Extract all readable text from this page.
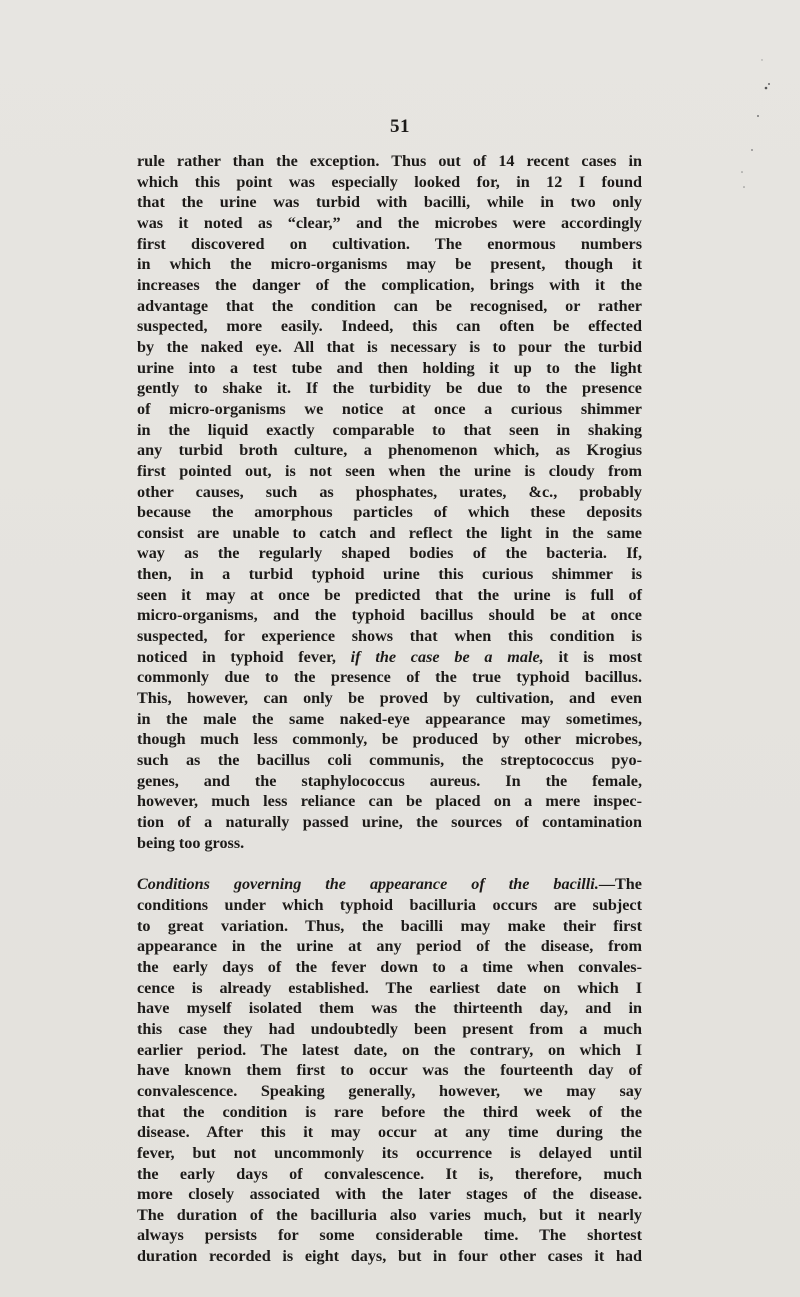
51
rule rather than the exception. Thus out of 14 recent cases in
which this point was especially looked for, in 12 I found
that the urine was turbid with bacilli, while in two only
was it noted as “clear,” and the microbes were accordingly
first discovered on cultivation. The enormous numbers
in which the micro-organisms may be present, though it
increases the danger of the complication, brings with it the
advantage that the condition can be recognised, or rather
suspected, more easily. Indeed, this can often be effected
by the naked eye. All that is necessary is to pour the turbid
urine into a test tube and then holding it up to the light
gently to shake it. If the turbidity be due to the presence
of micro-organisms we notice at once a curious shimmer
in the liquid exactly comparable to that seen in shaking
any turbid broth culture, a phenomenon which, as Krogius
first pointed out, is not seen when the urine is cloudy from
other causes, such as phosphates, urates, &c., probably
because the amorphous particles of which these deposits
consist are unable to catch and reflect the light in the same
way as the regularly shaped bodies of the bacteria. If,
then, in a turbid typhoid urine this curious shimmer is
seen it may at once be predicted that the urine is full of
micro-organisms, and the typhoid bacillus should be at once
suspected, for experience shows that when this condition is
noticed in typhoid fever, if the case be a male, it is most
commonly due to the presence of the true typhoid bacillus.
This, however, can only be proved by cultivation, and even
in the male the same naked-eye appearance may sometimes,
though much less commonly, be produced by other microbes,
such as the bacillus coli communis, the streptococcus pyo-
genes, and the staphylococcus aureus. In the female,
however, much less reliance can be placed on a mere inspec-
tion of a naturally passed urine, the sources of contamination
being too gross.
Conditions governing the appearance of the bacilli.—The
conditions under which typhoid bacilluria occurs are subject
to great variation. Thus, the bacilli may make their first
appearance in the urine at any period of the disease, from
the early days of the fever down to a time when convales-
cence is already established. The earliest date on which I
have myself isolated them was the thirteenth day, and in
this case they had undoubtedly been present from a much
earlier period. The latest date, on the contrary, on which I
have known them first to occur was the fourteenth day of
convalescence. Speaking generally, however, we may say
that the condition is rare before the third week of the
disease. After this it may occur at any time during the
fever, but not uncommonly its occurrence is delayed until
the early days of convalescence. It is, therefore, much
more closely associated with the later stages of the disease.
The duration of the bacilluria also varies much, but it nearly
always persists for some considerable time. The shortest
duration recorded is eight days, but in four other cases it had
